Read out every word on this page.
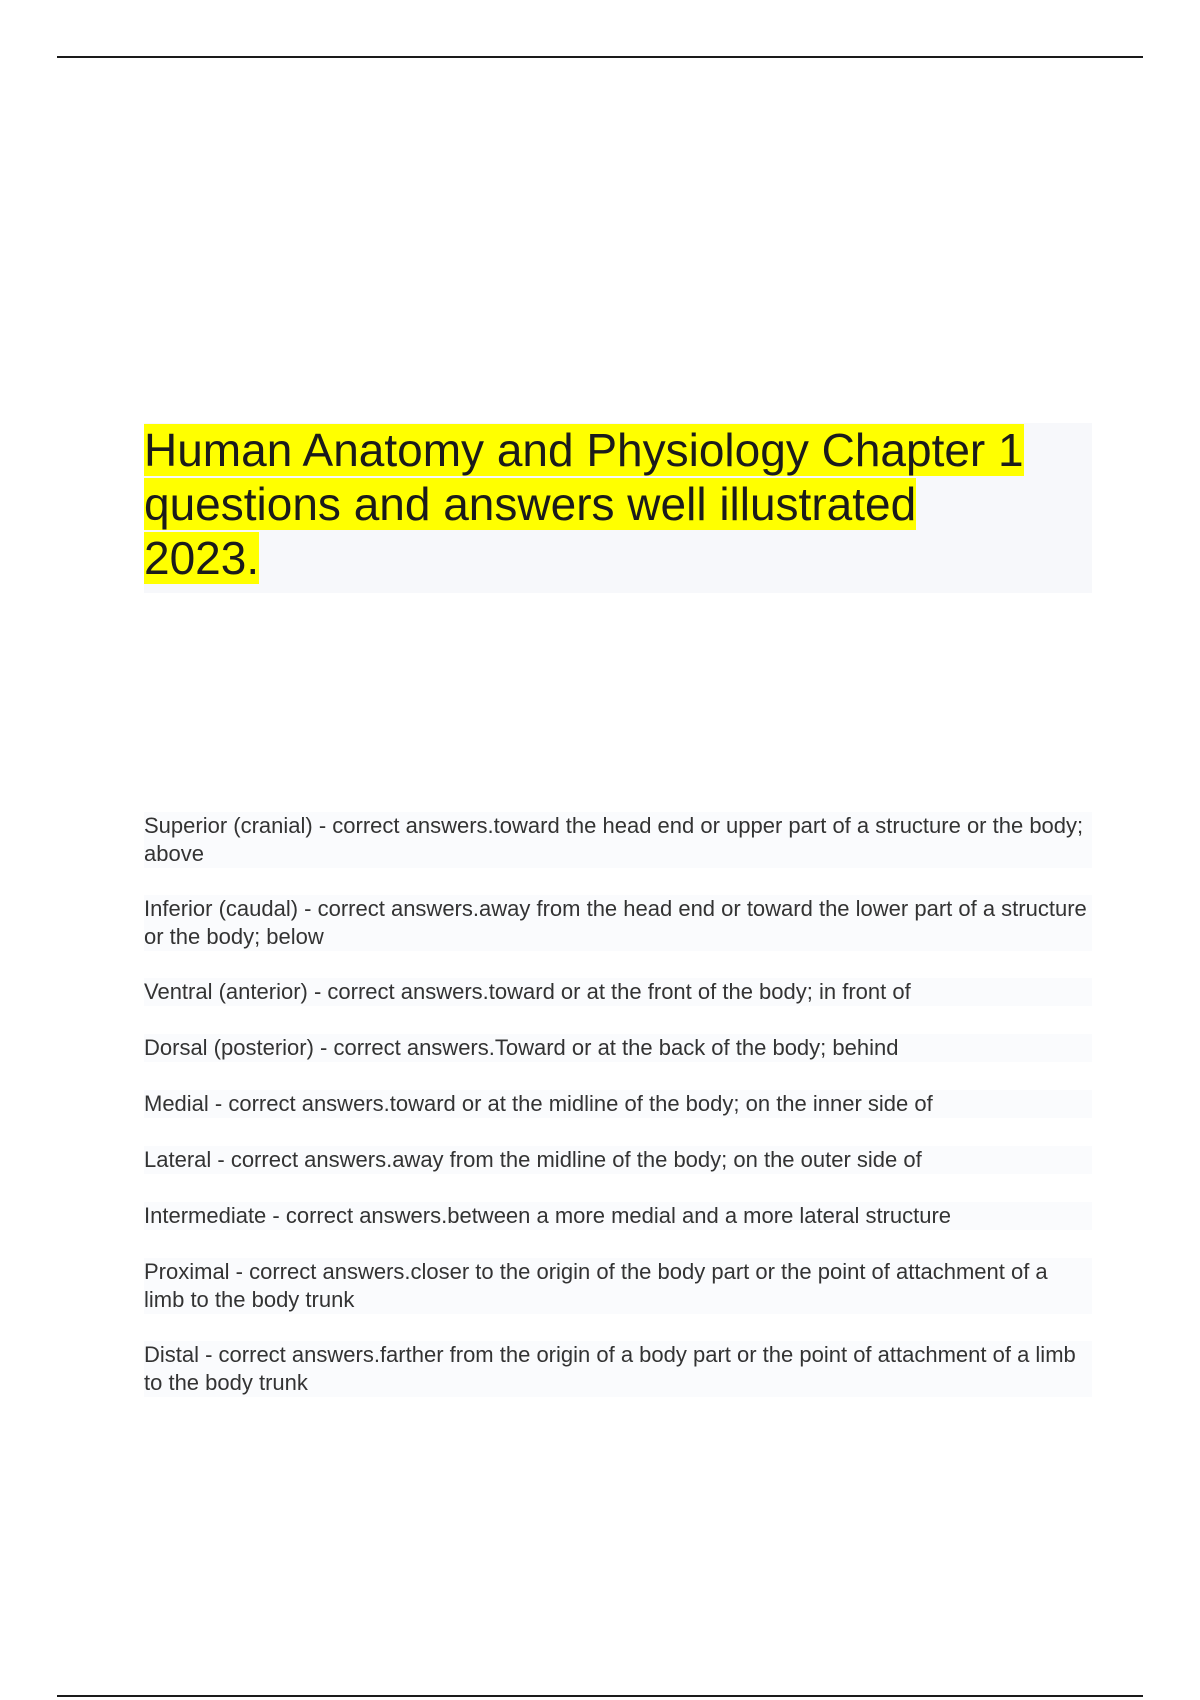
Human Anatomy and Physiology Chapter 1
questions and answers well illustrated
2023.
Superior (cranial) - correct answers.toward the head end or upper part of a structure or the body; above
Inferior (caudal) - correct answers.away from the head end or toward the lower part of a structure or the body; below
Ventral (anterior) - correct answers.toward or at the front of the body; in front of
Dorsal (posterior) - correct answers.Toward or at the back of the body; behind
Medial - correct answers.toward or at the midline of the body; on the inner side of
Lateral - correct answers.away from the midline of the body; on the outer side of
Intermediate - correct answers.between a more medial and a more lateral structure
Proximal - correct answers.closer to the origin of the body part or the point of attachment of a limb to the body trunk
Distal - correct answers.farther from the origin of a body part or the point of attachment of a limb to the body trunk
